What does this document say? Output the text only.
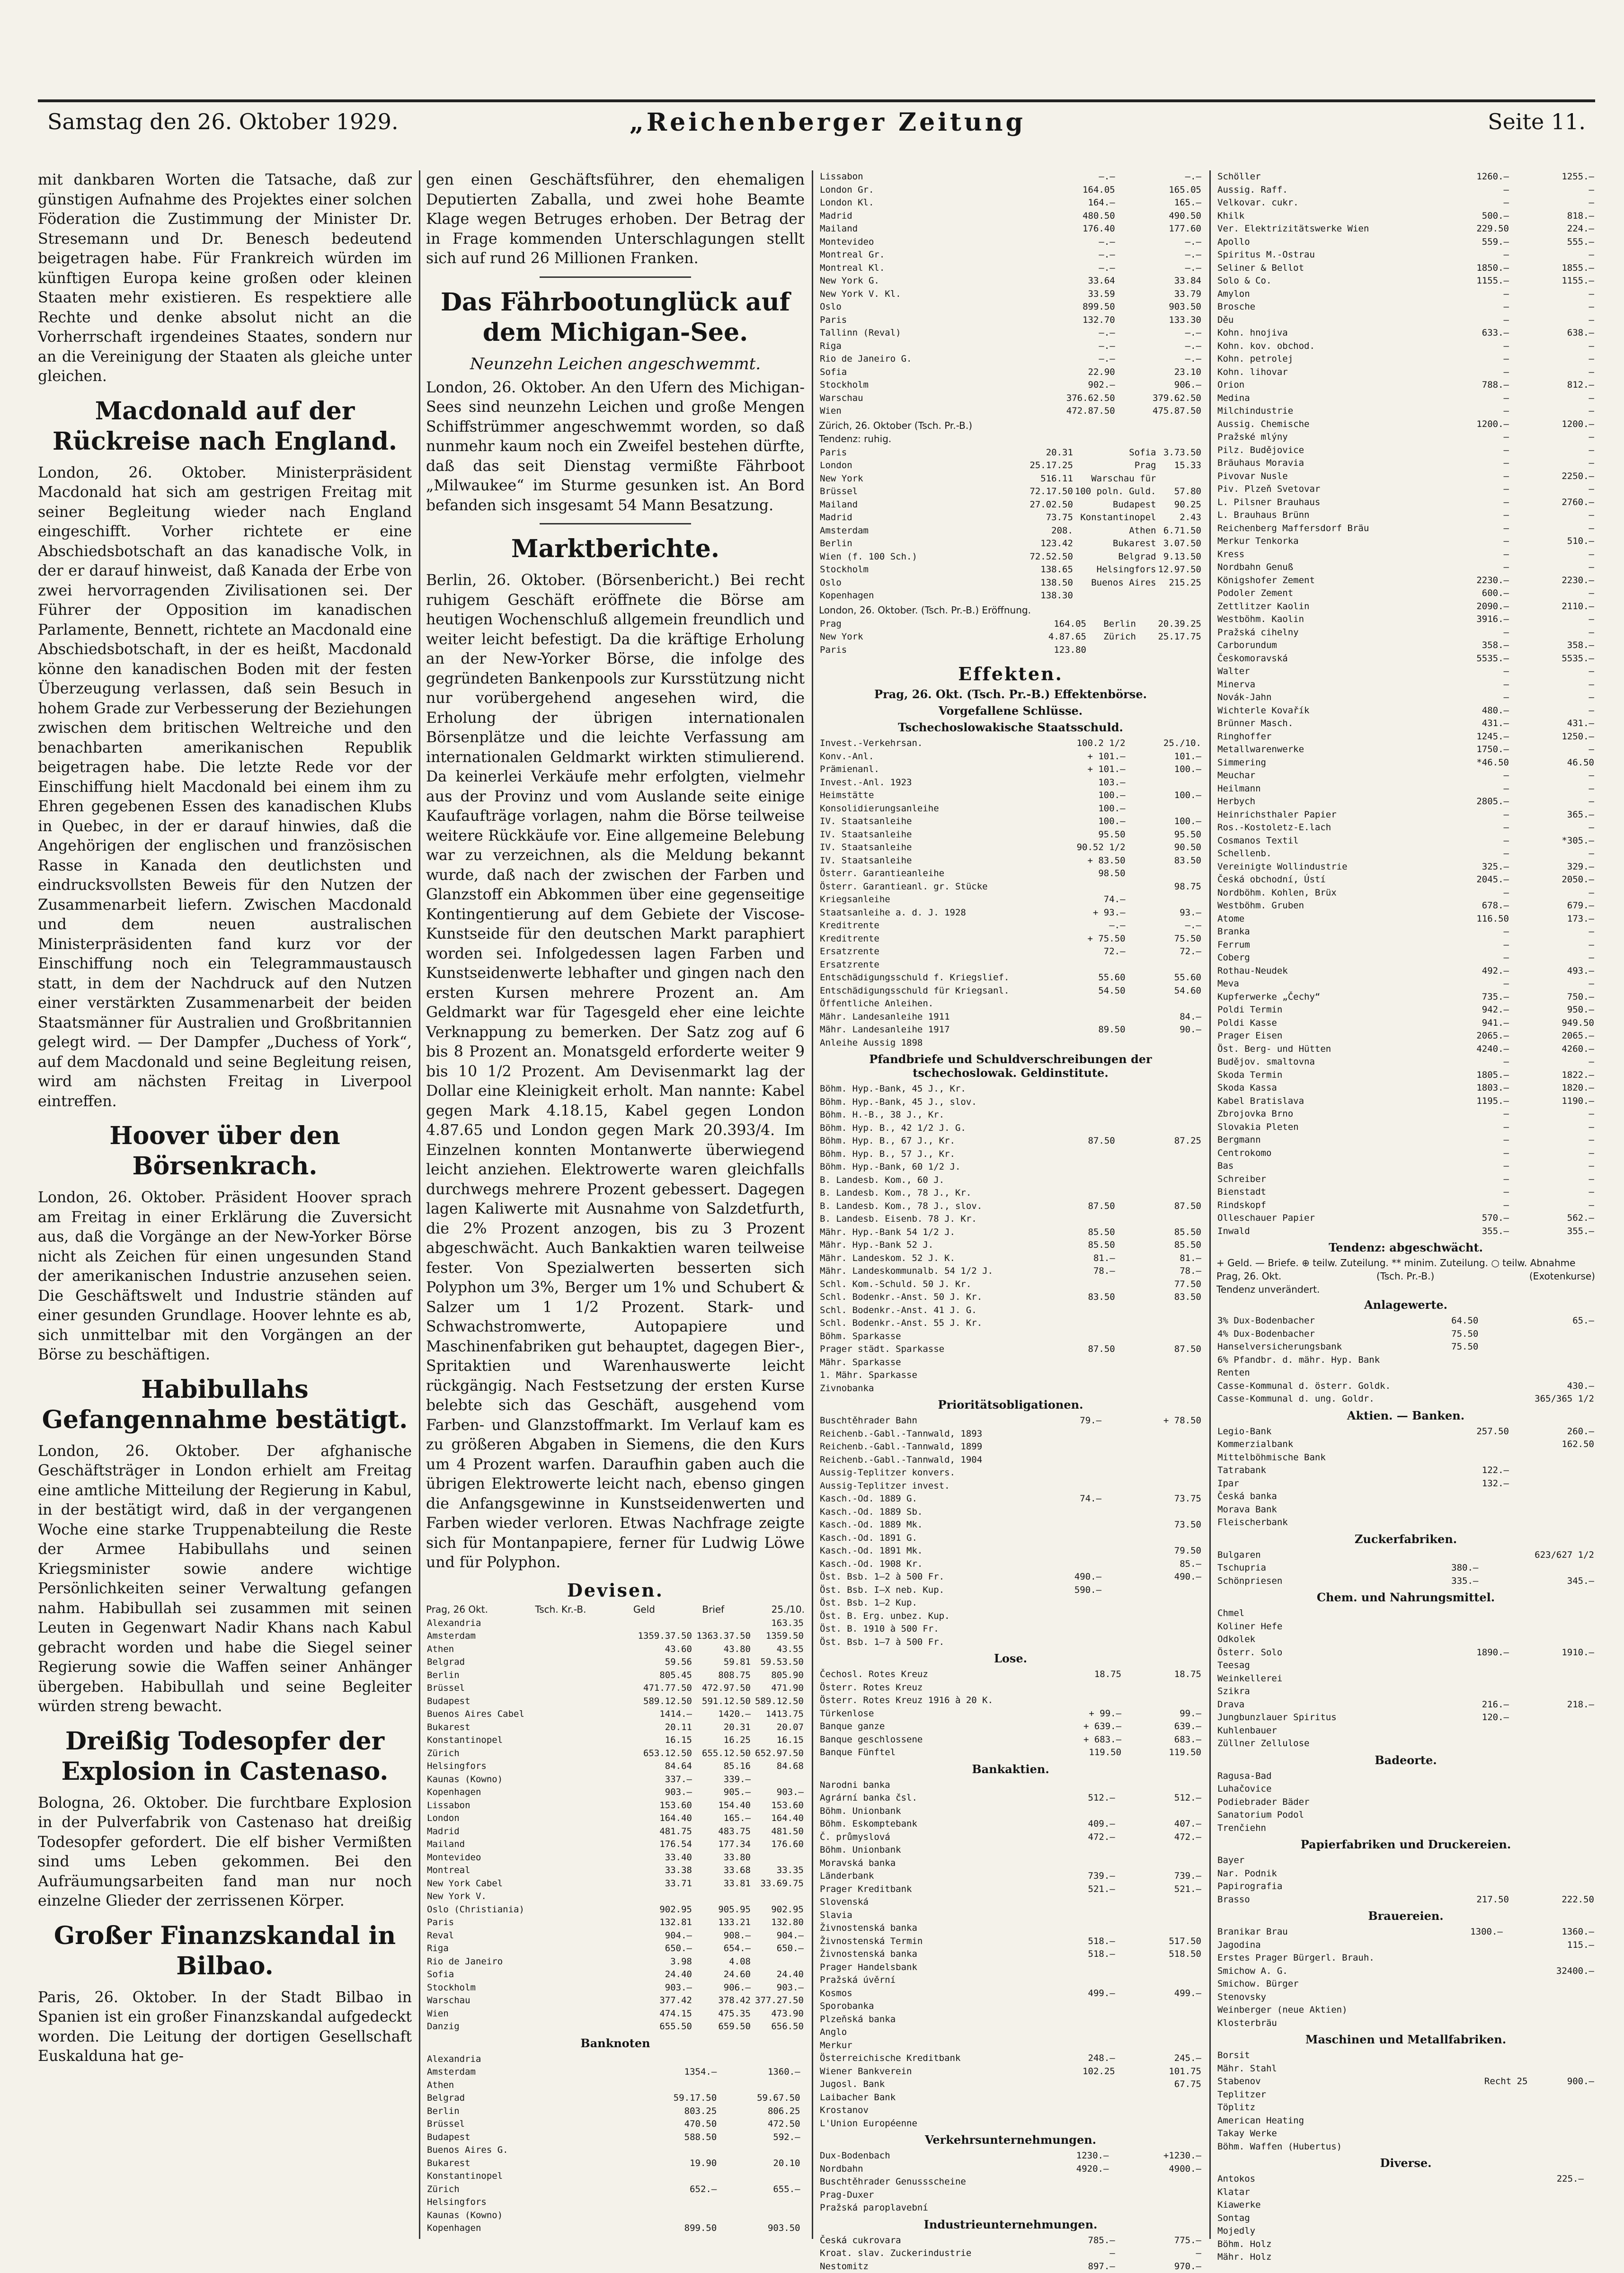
Samstag den 26. Oktober 1929.	„Reichenberger Zeitung	Seite 11.

mit dankbaren Worten die Tatsache, daß zur günstigen Aufnahme des Projektes einer solchen Föderation die Zustimmung der Minister Dr. Stresemann und Dr. Benesch bedeutend beigetragen habe. Für Frankreich würden im künftigen Europa keine großen oder kleinen Staaten mehr existieren. Es respektiere alle Rechte und denke absolut nicht an die Vorherrschaft irgendeines Staates, sondern nur an die Vereinigung der Staaten als gleiche unter gleichen.

Macdonald auf der Rückreise nach England.

London, 26. Oktober. Ministerpräsident Macdonald hat sich am gestrigen Freitag mit seiner Begleitung wieder nach England eingeschifft. Vorher richtete er eine Abschiedsbotschaft an das kanadische Volk, in der er darauf hinweist, daß Kanada der Erbe von zwei hervorragenden Zivilisationen sei. Der Führer der Opposition im kanadischen Parlamente, Bennett, richtete an Macdonald eine Abschiedsbotschaft, in der es heißt, Macdonald könne den kanadischen Boden mit der festen Überzeugung verlassen, daß sein Besuch in hohem Grade zur Verbesserung der Beziehungen zwischen dem britischen Weltreiche und den benachbarten amerikanischen Republik beigetragen habe. Die letzte Rede vor der Einschiffung hielt Macdonald bei einem ihm zu Ehren gegebenen Essen des kanadischen Klubs in Quebec, in der er darauf hinwies, daß die Angehörigen der englischen und französischen Rasse in Kanada den deutlichsten und eindrucksvollsten Beweis für den Nutzen der Zusammenarbeit liefern. Zwischen Macdonald und dem neuen australischen Ministerpräsidenten fand kurz vor der Einschiffung noch ein Telegrammaustausch statt, in dem der Nachdruck auf den Nutzen einer verstärkten Zusammenarbeit der beiden Staatsmänner für Australien und Großbritannien gelegt wird. — Der Dampfer „Duchess of York“, auf dem Macdonald und seine Begleitung reisen, wird am nächsten Freitag in Liverpool eintreffen.

Hoover über den Börsenkrach.

London, 26. Oktober. Präsident Hoover sprach am Freitag in einer Erklärung die Zuversicht aus, daß die Vorgänge an der New-Yorker Börse nicht als Zeichen für einen ungesunden Stand der amerikanischen Industrie anzusehen seien. Die Geschäftswelt und Industrie ständen auf einer gesunden Grundlage. Hoover lehnte es ab, sich unmittelbar mit den Vorgängen an der Börse zu beschäftigen.

Habibullahs Gefangennahme bestätigt.

London, 26. Oktober. Der afghanische Geschäftsträger in London erhielt am Freitag eine amtliche Mitteilung der Regierung in Kabul, in der bestätigt wird, daß in der vergangenen Woche eine starke Truppenabteilung die Reste der Armee Habibullahs und seinen Kriegsminister sowie andere wichtige Persönlichkeiten seiner Verwaltung gefangen nahm. Habibullah sei zusammen mit seinen Leuten in Gegenwart Nadir Khans nach Kabul gebracht worden und habe die Siegel seiner Regierung sowie die Waffen seiner Anhänger übergeben. Habibullah und seine Begleiter würden streng bewacht.

Dreißig Todesopfer der Explosion in Castenaso.

Bologna, 26. Oktober. Die furchtbare Explosion in der Pulverfabrik von Castenaso hat dreißig Todesopfer gefordert. Die elf bisher Vermißten sind ums Leben gekommen. Bei den Aufräumungsarbeiten fand man nur noch einzelne Glieder der zerrissenen Körper.

Großer Finanzskandal in Bilbao.

Paris, 26. Oktober. In der Stadt Bilbao in Spanien ist ein großer Finanzskandal aufgedeckt worden. Die Leitung der dortigen Gesellschaft Euskalduna hat ge-

gen einen Geschäftsführer, den ehemaligen Deputierten Zaballa, und zwei hohe Beamte Klage wegen Betruges erhoben. Der Betrag der in Frage kommenden Unterschlagungen stellt sich auf rund 26 Millionen Franken.

Das Fährbootunglück auf dem Michigan-See.
Neunzehn Leichen angeschwemmt.

London, 26. Oktober. An den Ufern des Michigan-Sees sind neunzehn Leichen und große Mengen Schiffstrümmer angeschwemmt worden, so daß nunmehr kaum noch ein Zweifel bestehen dürfte, daß das seit Dienstag vermißte Fährboot „Milwaukee“ im Sturme gesunken ist. An Bord befanden sich insgesamt 54 Mann Besatzung.

Marktberichte.

Berlin, 26. Oktober. (Börsenbericht.) Bei recht ruhigem Geschäft eröffnete die Börse am heutigen Wochenschluß allgemein freundlich und weiter leicht befestigt. Da die kräftige Erholung an der New-Yorker Börse, die infolge des gegründeten Bankenpools zur Kursstützung nicht nur vorübergehend angesehen wird, die Erholung der übrigen internationalen Börsenplätze und die leichte Verfassung am internationalen Geldmarkt wirkten stimulierend. Da keinerlei Verkäufe mehr erfolgten, vielmehr aus der Provinz und vom Auslande seite einige Kaufaufträge vorlagen, nahm die Börse teilweise weitere Rückkäufe vor. Eine allgemeine Belebung war zu verzeichnen, als die Meldung bekannt wurde, daß nach der zwischen der Farben und Glanzstoff ein Abkommen über eine gegenseitige Kontingentierung auf dem Gebiete der Viscose-Kunstseide für den deutschen Markt paraphiert worden sei. Infolgedessen lagen Farben und Kunstseidenwerte lebhafter und gingen nach den ersten Kursen mehrere Prozent an. Am Geldmarkt war für Tagesgeld eher eine leichte Verknappung zu bemerken. Der Satz zog auf 6 bis 8 Prozent an. Monatsgeld erforderte weiter 9 bis 10 1/2 Prozent. Am Devisenmarkt lag der Dollar eine Kleinigkeit erholt. Man nannte: Kabel gegen Mark 4.18.15, Kabel gegen London 4.87.65 und London gegen Mark 20.393/4. Im Einzelnen konnten Montanwerte überwiegend leicht anziehen. Elektrowerte waren gleichfalls durchwegs mehrere Prozent gebessert. Dagegen lagen Kaliwerte mit Ausnahme von Salzdetfurth, die 2% Prozent anzogen, bis zu 3 Prozent abgeschwächt. Auch Bankaktien waren teilweise fester. Von Spezialwerten besserten sich Polyphon um 3%, Berger um 1% und Schubert & Salzer um 1 1/2 Prozent. Stark- und Schwachstromwerte, Autopapiere und Maschinenfabriken gut behauptet, dagegen Bier-, Spritaktien und Warenhauswerte leicht rückgängig. Nach Festsetzung der ersten Kurse belebte sich das Geschäft, ausgehend vom Farben- und Glanzstoffmarkt. Im Verlauf kam es zu größeren Abgaben in Siemens, die den Kurs um 4 Prozent warfen. Daraufhin gaben auch die übrigen Elektrowerte leicht nach, ebenso gingen die Anfangsgewinne in Kunstseidenwerten und Farben wieder verloren. Etwas Nachfrage zeigte sich für Montanpapiere, ferner für Ludwig Löwe und für Polyphon.

Devisen.
Prag, 26 Okt.	Tsch. Kr.-B.	Geld	Brief	25./10.
Alexandria			163.35
Amsterdam	1359.37.50	1363.37.50	1359.50
Athen	43.60	43.80	43.55
Belgrad	59.56	59.81	59.53.50
Berlin	805.45	808.75	805.90
Brüssel	471.77.50	472.97.50	471.90
Budapest	589.12.50	591.12.50	589.12.50
Buenos Aires Cabel	1414.—	1420.—	1413.75
Bukarest	20.11	20.31	20.07
Konstantinopel	16.15	16.25	16.15
Zürich	653.12.50	655.12.50	652.97.50
Helsingfors	84.64	85.16	84.68
Kaunas (Kowno)	337.—	339.—	
Kopenhagen	903.—	905.—	903.—
Lissabon	153.60	154.40	153.60
London	164.40	165.—	164.40
Madrid	481.75	483.75	481.50
Mailand	176.54	177.34	176.60
Montevideo	33.40	33.80	
Montreal	33.38	33.68	33.35
New York Cabel	33.71	33.81	33.69.75
New York V.			
Oslo (Christiania)	902.95	905.95	902.95
Paris	132.81	133.21	132.80
Reval	904.—	908.—	904.—
Riga	650.—	654.—	650.—
Rio de Janeiro	3.98	4.08	
Sofia	24.40	24.60	24.40
Stockholm	903.—	906.—	903.—
Warschau	377.42	378.42	377.27.50
Wien	474.15	475.35	473.90
Danzig	655.50	659.50	656.50
Banknoten
Alexandria			
Amsterdam	1354.—	1360.—	
Athen			
Belgrad	59.17.50	59.67.50	
Berlin	803.25	806.25	
Brüssel	470.50	472.50	
Budapest	588.50	592.—	
Buenos Aires G.			
Bukarest	19.90	20.10	
Konstantinopel			
Zürich	652.—	655.—	
Helsingfors			
Kaunas (Kowno)			
Kopenhagen	899.50	903.50	
Lissabon	—.—	—.—
London Gr.	164.05	165.05
London Kl.	164.—	165.—
Madrid	480.50	490.50
Mailand	176.40	177.60
Montevideo	—.—	—.—
Montreal Gr.	—.—	—.—
Montreal Kl.	—.—	—.—
New York G.	33.64	33.84
New York V. Kl.	33.59	33.79
Oslo	899.50	903.50
Paris	132.70	133.30
Tallinn (Reval)	—.—	—.—
Riga	—.—	—.—
Rio de Janeiro G.	—.—	—.—
Sofia	22.90	23.10
Stockholm	902.—	906.—
Warschau	376.62.50	379.62.50
Wien	472.87.50	475.87.50
Zürich, 26. Oktober (Tsch. Pr.-B.)
Tendenz: ruhig.
Paris	20.31	Sofia	3.73.50
London	25.17.25	Prag	15.33
New York	516.11	Warschau für	
Brüssel	72.17.50	100 poln. Guld.	57.80
Mailand	27.02.50	Budapest	90.25
Madrid	73.75	Konstantinopel	2.43
Amsterdam	208.	Athen	6.71.50
Berlin	123.42	Bukarest	3.07.50
Wien (f. 100 Sch.)	72.52.50	Belgrad	9.13.50
Stockholm	138.65	Helsingfors	12.97.50
Oslo	138.50	Buenos Aires	215.25
Kopenhagen	138.30		
London, 26. Oktober. (Tsch. Pr.-B.) Eröffnung.
Prag	164.05	Berlin	20.39.25
New York	4.87.65	Zürich	25.17.75
Paris	123.80		
Effekten.
Prag, 26. Okt. (Tsch. Pr.-B.) Effektenbörse.
Vorgefallene Schlüsse.
Tschechoslowakische Staatsschuld.
Invest.-Verkehrsan.	100.2 1/2	25./10.
Konv.-Anl.	+ 101.—	101.—
Prämienanl.	+ 101.—	100.—
Invest.-Anl. 1923	103.—	
Heimstätte	100.—	100.—
Konsolidierungsanleihe	100.—	
IV. Staatsanleihe	100.—	100.—
IV. Staatsanleihe	95.50	95.50
IV. Staatsanleihe	90.52 1/2	90.50
IV. Staatsanleihe	+ 83.50	83.50
Österr. Garantieanleihe	98.50	
Österr. Garantieanl. gr. Stücke		98.75
Kriegsanleihe	74.—	
Staatsanleihe a. d. J. 1928	+ 93.—	93.—
Kreditrente	—.—	—.—
Kreditrente	+ 75.50	75.50
Ersatzrente	72.—	72.—
Ersatzrente		
Entschädigungsschuld f. Kriegslief.	55.60	55.60
Entschädigungsschuld für Kriegsanl.	54.50	54.60
Öffentliche Anleihen.		
Mähr. Landesanleihe 1911		84.—
Mähr. Landesanleihe 1917	89.50	90.—
Anleihe Aussig 1898		
Pfandbriefe und Schuldverschreibungen der tschechoslowak. Geldinstitute.
Böhm. Hyp.-Bank, 45 J., Kr.		
Böhm. Hyp.-Bank, 45 J., slov.		
Böhm. H.-B., 38 J., Kr.		
Böhm. Hyp. B., 42 1/2 J. G.		
Böhm. Hyp. B., 67 J., Kr.	87.50	87.25
Böhm. Hyp. B., 57 J., Kr.		
Böhm. Hyp.-Bank, 60 1/2 J.		
B. Landesb. Kom., 60 J.		
B. Landesb. Kom., 78 J., Kr.		
B. Landesb. Kom., 78 J., slov.	87.50	87.50
B. Landesb. Eisenb. 78 J. Kr.		
Mähr. Hyp.-Bank 54 1/2 J.	85.50	85.50
Mähr. Hyp.-Bank 52 J.	85.50	85.50
Mähr. Landeskom. 52 J. K.	81.—	81.—
Mähr. Landeskommunalb. 54 1/2 J.	78.—	78.—
Schl. Kom.-Schuld. 50 J. Kr.		77.50
Schl. Bodenkr.-Anst. 50 J. Kr.	83.50	83.50
Schl. Bodenkr.-Anst. 41 J. G.		
Schl. Bodenkr.-Anst. 55 J. Kr.		
Böhm. Sparkasse		
Prager städt. Sparkasse	87.50	87.50
Mähr. Sparkasse		
1. Mähr. Sparkasse		
Zivnobanka		
Prioritätsobligationen.
Buschtěhrader Bahn	79.—	+ 78.50
Reichenb.-Gabl.-Tannwald, 1893		
Reichenb.-Gabl.-Tannwald, 1899		
Reichenb.-Gabl.-Tannwald, 1904		
Aussig-Teplitzer konvers.		
Aussig-Teplitzer invest.		
Kasch.-Od. 1889 G.	74.—	73.75
Kasch.-Od. 1889 Sb.		
Kasch.-Od. 1889 Mk.		73.50
Kasch.-Od. 1891 G.		
Kasch.-Od. 1891 Mk.		79.50
Kasch.-Od. 1908 Kr.		85.—
Öst. Bsb. 1—2 à 500 Fr.	490.—	490.—
Öst. Bsb. I—X neb. Kup.	590.—	
Öst. Bsb. 1—2 Kup.		
Öst. B. Erg. unbez. Kup.		
Öst. B. 1910 à 500 Fr.		
Öst. Bsb. 1—7 à 500 Fr.		
Lose.
Čechosl. Rotes Kreuz	18.75	18.75
Österr. Rotes Kreuz		
Österr. Rotes Kreuz 1916 à 20 K.		
Türkenlose	+ 99.—	99.—
Banque ganze	+ 639.—	639.—
Banque geschlossene	+ 683.—	683.—
Banque Fünftel	119.50	119.50
Bankaktien.
Narodni banka		
Agrární banka čsl.	512.—	512.—
Böhm. Unionbank		
Böhm. Eskomptebank	409.—	407.—
Č. průmyslová	472.—	472.—
Böhm. Unionbank		
Moravská banka		
Länderbank	739.—	739.—
Prager Kreditbank	521.—	521.—
Slovenská		
Slavia		
Živnostenská banka		
Živnostenská Termin	518.—	517.50
Živnostenská banka	518.—	518.50
Prager Handelsbank		
Pražská úvěrní		
Kosmos	499.—	499.—
Sporobanka		
Plzeňská banka		
Anglo		
Merkur		
Österreichische Kreditbank	248.—	245.—
Wiener Bankverein	102.25	101.75
Jugosl. Bank		67.75
Laibacher Bank		
Krostanov		
L'Union Européenne		
Verkehrsunternehmungen.
Dux-Bodenbach	1230.—	+1230.—
Nordbahn	4920.—	4900.—
Buschtěhrader Genussscheine		
Prag-Duxer		
Pražská paroplavební		
Industrieunternehmungen.
Česká cukrovara	785.—	775.—
Kroat. slav. Zuckerindustrie	—	—
Nestomitz	897.—	970.—
Schöller	1260.—	1255.—
Aussig. Raff.	—	—
Velkovar. cukr.	—	—
Khilk	500.—	818.—
Ver. Elektrizitätswerke Wien	229.50	224.—
Apollo	559.—	555.—
Spiritus M.-Ostrau	—	—
Seliner & Bellot	1850.—	1855.—
Solo & Co.	1155.—	1155.—
Amylon	—	—
Brosche	—	—
Děu	—	—
Kohn. hnojiva	633.—	638.—
Kohn. kov. obchod.	—	—
Kohn. petrolej	—	—
Kohn. lihovar	—	—
Orion	788.—	812.—
Medina	—	—
Milchindustrie	—	—
Aussig. Chemische	1200.—	1200.—
Pražské mlýny	—	—
Pilz. Budějovice	—	—
Bräuhaus Moravia	—	—
Pivovar Nusle	—	2250.—
Piv. Plzeň Svetovar	—	—
L. Pilsner Brauhaus	—	2760.—
L. Brauhaus Brünn	—	—
Reichenberg Maffersdorf Bräu	—	—
Merkur Tenkorka	—	510.—
Kress	—	—
Nordbahn Genuß	—	—
Königshofer Zement	2230.—	2230.—
Podoler Zement	600.—	—
Zettlitzer Kaolin	2090.—	2110.—
Westböhm. Kaolin	3916.—	—
Pražská cihelny	—	—
Carborundum	358.—	358.—
Českomoravská	5535.—	5535.—
Walter	—	—
Minerva	—	—
Novák-Jahn	—	—
Wichterle Kovařík	480.—	—
Brünner Masch.	431.—	431.—
Ringhoffer	1245.—	1250.—
Metallwarenwerke	1750.—	—
Simmering	*46.50	46.50
Meuchar	—	—
Heilmann	—	—
Herbych	2805.—	—
Heinrichsthaler Papier	—	365.—
Ros.-Kostoletz-E.lach	—	—
Cosmanos Textil	—	*305.—
Schellenb.	—	—
Vereinigte Wollindustrie	325.—	329.—
Česká obchodní, Ústí	2045.—	2050.—
Nordböhm. Kohlen, Brüx	—	—
Westböhm. Gruben	678.—	679.—
Atome	116.50	173.—
Branka	—	—
Ferrum	—	—
Coberg	—	—
Rothau-Neudek	492.—	493.—
Meva	—	—
Kupferwerke „Čechy“	735.—	750.—
Poldi Termin	942.—	950.—
Poldi Kasse	941.—	949.50
Prager Eisen	2065.—	2065.—
Öst. Berg- und Hütten	4240.—	4260.—
Budějov. smaltovna	—	—
Skoda Termin	1805.—	1822.—
Skoda Kassa	1803.—	1820.—
Kabel Bratislava	1195.—	1190.—
Zbrojovka Brno	—	—
Slovakia Pleten	—	—
Bergmann	—	—
Centrokomo	—	—
Bas	—	—
Schreiber	—	—
Bienstadt	—	—
Rindskopf	—	—
Olleschauer Papier	570.—	562.—
Inwald	355.—	355.—
Tendenz: abgeschwächt.
+ Geld. — Briefe. ⊕ teilw. Zuteilung. ** minim. Zuteilung. ○ teilw. Abnahme
Prag, 26. Okt.	(Tsch. Pr.-B.)	(Exotenkurse)
Tendenz unverändert.
Anlagewerte.
3% Dux-Bodenbacher	64.50	65.—
4% Dux-Bodenbacher	75.50	
Hanselversicherungsbank	75.50	
6% Pfandbr. d. mähr. Hyp. Bank		
Renten		
Casse-Kommunal d. österr. Goldk.		430.—
Casse-Kommunal d. ung. Goldr.		365/365 1/2
Aktien. — Banken.
Legio-Bank	257.50	260.—
Kommerzialbank		162.50
Mittelböhmische Bank		
Tatrabank	122.—	
Ipar	132.—	
Česká banka		
Morava Bank		
Fleischerbank		
Zuckerfabriken.
Bulgaren		623/627 1/2
Tschupria	380.—	
Schönpriesen	335.—	345.—
Chem. und Nahrungsmittel.
Chmel		
Koliner Hefe		
Odkolek		
Österr. Solo	1890.—	1910.—
Teesag		
Weinkellerei		
Szikra		
Drava	216.—	218.—
Jungbunzlauer Spiritus	120.—	
Kuhlenbauer		
Züllner Zellulose		
Badeorte.
Ragusa-Bad		
Luhačovice		
Podiebrader Bäder		
Sanatorium Podol		
Trenčiehn		
Papierfabriken und Druckereien.
Bayer		
Nar. Podnik		
Papirografia		
Brasso	217.50	222.50
Brauereien.
Branikar Brau	1300.—	1360.—
Jagodina		115.—
Erstes Prager Bürgerl. Brauh.		
Smichow A. G.		32400.—
Smichow. Bürger		
Stenovsky		
Weinberger (neue Aktien)		
Klosterbräu		
Maschinen und Metallfabriken.
Borsit		
Mähr. Stahl		
Stabenov	Recht 25	900.—
Teplitzer		
Töplitz		
American Heating		
Takay Werke		
Böhm. Waffen (Hubertus)		
Diverse.
Antokos	225.—	
Klatar		
Kiawerke		
Sontag		
Mojedly		
Böhm. Holz		
Mähr. Holz		
